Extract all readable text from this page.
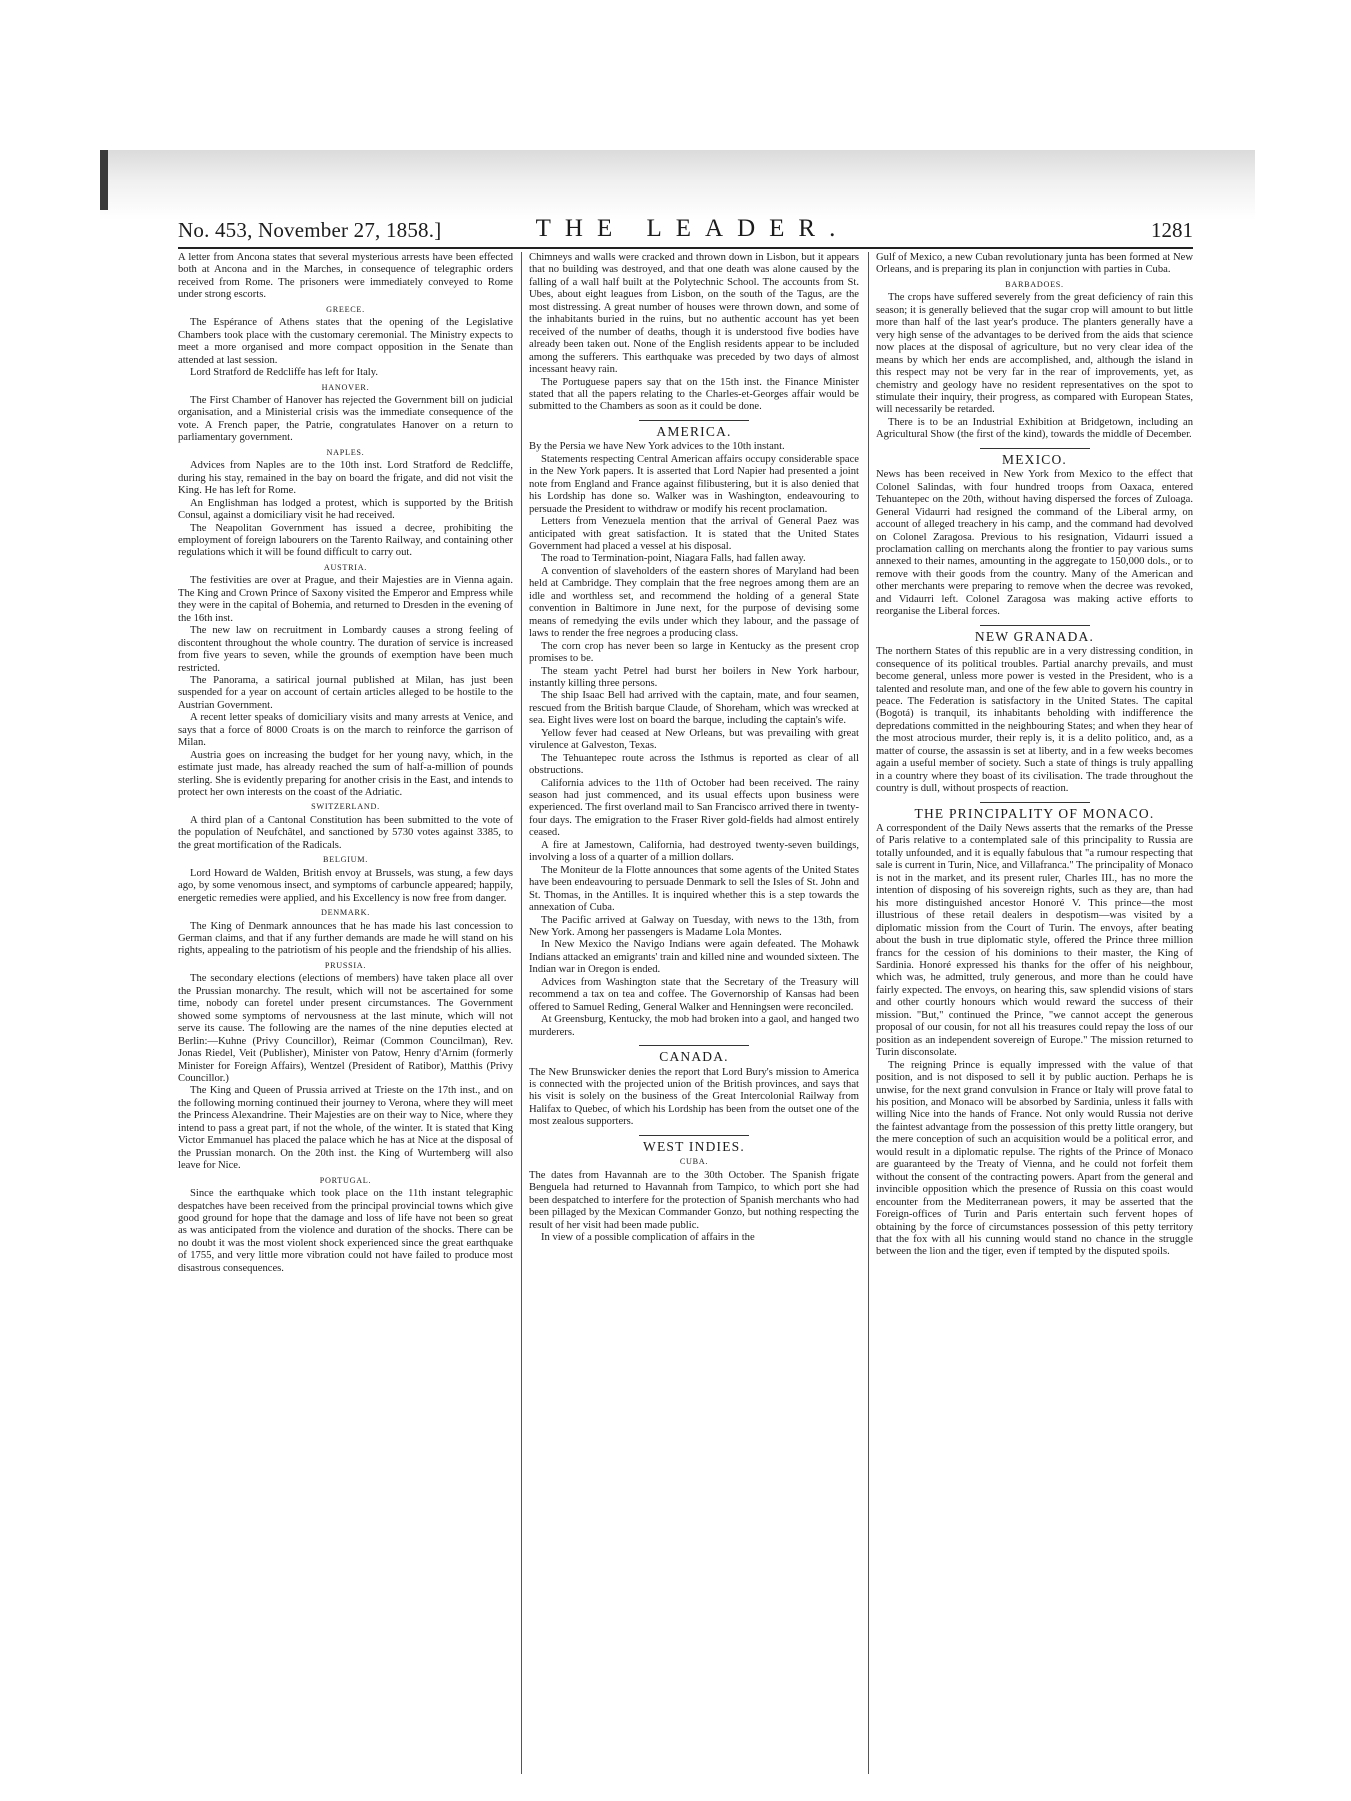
No. 453, November 27, 1858.]	THE LEADER.	1281

A letter from Ancona states that several mysterious arrests have been effected both at Ancona and in the Marches, in consequence of telegraphic orders received from Rome. The prisoners were immediately conveyed to Rome under strong escorts.

GREECE.

The Espérance of Athens states that the opening of the Legislative Chambers took place with the customary ceremonial. The Ministry expects to meet a more organised and more compact opposition in the Senate than attended at last session.

Lord Stratford de Redcliffe has left for Italy.

HANOVER.

The First Chamber of Hanover has rejected the Government bill on judicial organisation, and a Ministerial crisis was the immediate consequence of the vote. A French paper, the Patrie, congratulates Hanover on a return to parliamentary government.

NAPLES.

Advices from Naples are to the 10th inst. Lord Stratford de Redcliffe, during his stay, remained in the bay on board the frigate, and did not visit the King. He has left for Rome.

An Englishman has lodged a protest, which is supported by the British Consul, against a domiciliary visit he had received.

The Neapolitan Government has issued a decree, prohibiting the employment of foreign labourers on the Tarento Railway, and containing other regulations which it will be found difficult to carry out.

AUSTRIA.

The festivities are over at Prague, and their Majesties are in Vienna again. The King and Crown Prince of Saxony visited the Emperor and Empress while they were in the capital of Bohemia, and returned to Dresden in the evening of the 16th inst.

The new law on recruitment in Lombardy causes a strong feeling of discontent throughout the whole country. The duration of service is increased from five years to seven, while the grounds of exemption have been much restricted.

The Panorama, a satirical journal published at Milan, has just been suspended for a year on account of certain articles alleged to be hostile to the Austrian Government.

A recent letter speaks of domiciliary visits and many arrests at Venice, and says that a force of 8000 Croats is on the march to reinforce the garrison of Milan.

Austria goes on increasing the budget for her young navy, which, in the estimate just made, has already reached the sum of half-a-million of pounds sterling. She is evidently preparing for another crisis in the East, and intends to protect her own interests on the coast of the Adriatic.

SWITZERLAND.

A third plan of a Cantonal Constitution has been submitted to the vote of the population of Neufchâtel, and sanctioned by 5730 votes against 3385, to the great mortification of the Radicals.

BELGIUM.

Lord Howard de Walden, British envoy at Brussels, was stung, a few days ago, by some venomous insect, and symptoms of carbuncle appeared; happily, energetic remedies were applied, and his Excellency is now free from danger.

DENMARK.

The King of Denmark announces that he has made his last concession to German claims, and that if any further demands are made he will stand on his rights, appealing to the patriotism of his people and the friendship of his allies.

PRUSSIA.

The secondary elections (elections of members) have taken place all over the Prussian monarchy. The result, which will not be ascertained for some time, nobody can foretel under present circumstances. The Government showed some symptoms of nervousness at the last minute, which will not serve its cause. The following are the names of the nine deputies elected at Berlin:—Kuhne (Privy Councillor), Reimar (Common Councilman), Rev. Jonas Riedel, Veit (Publisher), Minister von Patow, Henry d'Arnim (formerly Minister for Foreign Affairs), Wentzel (President of Ratibor), Matthis (Privy Councillor.)

The King and Queen of Prussia arrived at Trieste on the 17th inst., and on the following morning continued their journey to Verona, where they will meet the Princess Alexandrine. Their Majesties are on their way to Nice, where they intend to pass a great part, if not the whole, of the winter. It is stated that King Victor Emmanuel has placed the palace which he has at Nice at the disposal of the Prussian monarch. On the 20th inst. the King of Wurtemberg will also leave for Nice.

PORTUGAL.

Since the earthquake which took place on the 11th instant telegraphic despatches have been received from the principal provincial towns which give good ground for hope that the damage and loss of life have not been so great as was anticipated from the violence and duration of the shocks. There can be no doubt it was the most violent shock experienced since the great earthquake of 1755, and very little more vibration could not have failed to produce most disastrous consequences.

Chimneys and walls were cracked and thrown down in Lisbon, but it appears that no building was destroyed, and that one death was alone caused by the falling of a wall half built at the Polytechnic School. The accounts from St. Ubes, about eight leagues from Lisbon, on the south of the Tagus, are the most distressing. A great number of houses were thrown down, and some of the inhabitants buried in the ruins, but no authentic account has yet been received of the number of deaths, though it is understood five bodies have already been taken out. None of the English residents appear to be included among the sufferers. This earthquake was preceded by two days of almost incessant heavy rain.

The Portuguese papers say that on the 15th inst. the Finance Minister stated that all the papers relating to the Charles-et-Georges affair would be submitted to the Chambers as soon as it could be done.

AMERICA.

By the Persia we have New York advices to the 10th instant.

Statements respecting Central American affairs occupy considerable space in the New York papers. It is asserted that Lord Napier had presented a joint note from England and France against filibustering, but it is also denied that his Lordship has done so. Walker was in Washington, endeavouring to persuade the President to withdraw or modify his recent proclamation.

Letters from Venezuela mention that the arrival of General Paez was anticipated with great satisfaction. It is stated that the United States Government had placed a vessel at his disposal.

The road to Termination-point, Niagara Falls, had fallen away.

A convention of slaveholders of the eastern shores of Maryland had been held at Cambridge. They complain that the free negroes among them are an idle and worthless set, and recommend the holding of a general State convention in Baltimore in June next, for the purpose of devising some means of remedying the evils under which they labour, and the passage of laws to render the free negroes a producing class.

The corn crop has never been so large in Kentucky as the present crop promises to be.

The steam yacht Petrel had burst her boilers in New York harbour, instantly killing three persons.

The ship Isaac Bell had arrived with the captain, mate, and four seamen, rescued from the British barque Claude, of Shoreham, which was wrecked at sea. Eight lives were lost on board the barque, including the captain's wife.

Yellow fever had ceased at New Orleans, but was prevailing with great virulence at Galveston, Texas.

The Tehuantepec route across the Isthmus is reported as clear of all obstructions.

California advices to the 11th of October had been received. The rainy season had just commenced, and its usual effects upon business were experienced. The first overland mail to San Francisco arrived there in twenty-four days. The emigration to the Fraser River gold-fields had almost entirely ceased.

A fire at Jamestown, California, had destroyed twenty-seven buildings, involving a loss of a quarter of a million dollars.

The Moniteur de la Flotte announces that some agents of the United States have been endeavouring to persuade Denmark to sell the Isles of St. John and St. Thomas, in the Antilles. It is inquired whether this is a step towards the annexation of Cuba.

The Pacific arrived at Galway on Tuesday, with news to the 13th, from New York. Among her passengers is Madame Lola Montes.

In New Mexico the Navigo Indians were again defeated. The Mohawk Indians attacked an emigrants' train and killed nine and wounded sixteen. The Indian war in Oregon is ended.

Advices from Washington state that the Secretary of the Treasury will recommend a tax on tea and coffee. The Governorship of Kansas had been offered to Samuel Reding, General Walker and Henningsen were reconciled.

At Greensburg, Kentucky, the mob had broken into a gaol, and hanged two murderers.

CANADA.

The New Brunswicker denies the report that Lord Bury's mission to America is connected with the projected union of the British provinces, and says that his visit is solely on the business of the Great Intercolonial Railway from Halifax to Quebec, of which his Lordship has been from the outset one of the most zealous supporters.

WEST INDIES.
CUBA.

The dates from Havannah are to the 30th October. The Spanish frigate Benguela had returned to Havannah from Tampico, to which port she had been despatched to interfere for the protection of Spanish merchants who had been pillaged by the Mexican Commander Gonzo, but nothing respecting the result of her visit had been made public.

In view of a possible complication of affairs in the

Gulf of Mexico, a new Cuban revolutionary junta has been formed at New Orleans, and is preparing its plan in conjunction with parties in Cuba.

BARBADOES.

The crops have suffered severely from the great deficiency of rain this season; it is generally believed that the sugar crop will amount to but little more than half of the last year's produce. The planters generally have a very high sense of the advantages to be derived from the aids that science now places at the disposal of agriculture, but no very clear idea of the means by which her ends are accomplished, and, although the island in this respect may not be very far in the rear of improvements, yet, as chemistry and geology have no resident representatives on the spot to stimulate their inquiry, their progress, as compared with European States, will necessarily be retarded.

There is to be an Industrial Exhibition at Bridgetown, including an Agricultural Show (the first of the kind), towards the middle of December.

MEXICO.

News has been received in New York from Mexico to the effect that Colonel Salindas, with four hundred troops from Oaxaca, entered Tehuantepec on the 20th, without having dispersed the forces of Zuloaga. General Vidaurri had resigned the command of the Liberal army, on account of alleged treachery in his camp, and the command had devolved on Colonel Zaragosa. Previous to his resignation, Vidaurri issued a proclamation calling on merchants along the frontier to pay various sums annexed to their names, amounting in the aggregate to 150,000 dols., or to remove with their goods from the country. Many of the American and other merchants were preparing to remove when the decree was revoked, and Vidaurri left. Colonel Zaragosa was making active efforts to reorganise the Liberal forces.

NEW GRANADA.

The northern States of this republic are in a very distressing condition, in consequence of its political troubles. Partial anarchy prevails, and must become general, unless more power is vested in the President, who is a talented and resolute man, and one of the few able to govern his country in peace. The Federation is satisfactory in the United States. The capital (Bogotá) is tranquil, its inhabitants beholding with indifference the depredations committed in the neighbouring States; and when they hear of the most atrocious murder, their reply is, it is a delito politico, and, as a matter of course, the assassin is set at liberty, and in a few weeks becomes again a useful member of society. Such a state of things is truly appalling in a country where they boast of its civilisation. The trade throughout the country is dull, without prospects of reaction.

THE PRINCIPALITY OF MONACO.

A correspondent of the Daily News asserts that the remarks of the Presse of Paris relative to a contemplated sale of this principality to Russia are totally unfounded, and it is equally fabulous that "a rumour respecting that sale is current in Turin, Nice, and Villafranca." The principality of Monaco is not in the market, and its present ruler, Charles III., has no more the intention of disposing of his sovereign rights, such as they are, than had his more distinguished ancestor Honoré V. This prince—the most illustrious of these retail dealers in despotism—was visited by a diplomatic mission from the Court of Turin. The envoys, after beating about the bush in true diplomatic style, offered the Prince three million francs for the cession of his dominions to their master, the King of Sardinia. Honoré expressed his thanks for the offer of his neighbour, which was, he admitted, truly generous, and more than he could have fairly expected. The envoys, on hearing this, saw splendid visions of stars and other courtly honours which would reward the success of their mission. "But," continued the Prince, "we cannot accept the generous proposal of our cousin, for not all his treasures could repay the loss of our position as an independent sovereign of Europe." The mission returned to Turin disconsolate.

The reigning Prince is equally impressed with the value of that position, and is not disposed to sell it by public auction. Perhaps he is unwise, for the next grand convulsion in France or Italy will prove fatal to his position, and Monaco will be absorbed by Sardinia, unless it falls with willing Nice into the hands of France. Not only would Russia not derive the faintest advantage from the possession of this pretty little orangery, but the mere conception of such an acquisition would be a political error, and would result in a diplomatic repulse. The rights of the Prince of Monaco are guaranteed by the Treaty of Vienna, and he could not forfeit them without the consent of the contracting powers. Apart from the general and invincible opposition which the presence of Russia on this coast would encounter from the Mediterranean powers, it may be asserted that the Foreign-offices of Turin and Paris entertain such fervent hopes of obtaining by the force of circumstances possession of this petty territory that the fox with all his cunning would stand no chance in the struggle between the lion and the tiger, even if tempted by the disputed spoils.
